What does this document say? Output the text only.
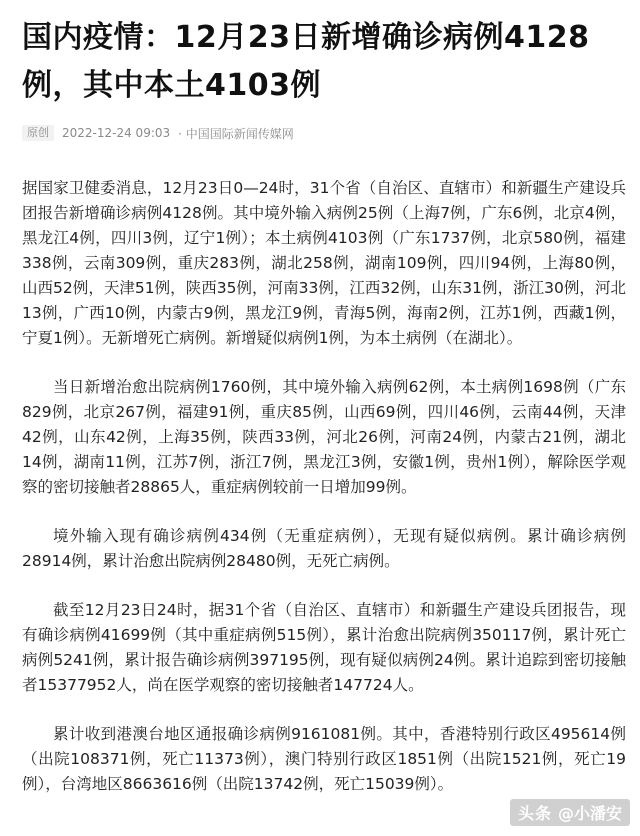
国内疫情：12月23日新增确诊病例4128例，其中本土4103例
原创	2022-12-24 09:03 · 中国国际新闻传媒网

据国家卫健委消息，12月23日0—24时，31个省（自治区、直辖市）和新疆生产建设兵团报告新增确诊病例4128例。其中境外输入病例25例（上海7例，广东6例，北京4例，黑龙江4例，四川3例，辽宁1例）；本土病例4103例（广东1737例，北京580例，福建338例，云南309例，重庆283例，湖北258例，湖南109例，四川94例，上海80例，山西52例，天津51例，陕西35例，河南33例，江西32例，山东31例，浙江30例，河北13例，广西10例，内蒙古9例，黑龙江9例，青海5例，海南2例，江苏1例，西藏1例，宁夏1例）。无新增死亡病例。新增疑似病例1例，为本土病例（在湖北）。

当日新增治愈出院病例1760例，其中境外输入病例62例，本土病例1698例（广东829例，北京267例，福建91例，重庆85例，山西69例，四川46例，云南44例，天津42例，山东42例，上海35例，陕西33例，河北26例，河南24例，内蒙古21例，湖北14例，湖南11例，江苏7例，浙江7例，黑龙江3例，安徽1例，贵州1例），解除医学观察的密切接触者28865人，重症病例较前一日增加99例。

境外输入现有确诊病例434例（无重症病例），无现有疑似病例。累计确诊病例28914例，累计治愈出院病例28480例，无死亡病例。

截至12月23日24时，据31个省（自治区、直辖市）和新疆生产建设兵团报告，现有确诊病例41699例（其中重症病例515例），累计治愈出院病例350117例，累计死亡病例5241例，累计报告确诊病例397195例，现有疑似病例24例。累计追踪到密切接触者15377952人，尚在医学观察的密切接触者147724人。

累计收到港澳台地区通报确诊病例9161081例。其中，香港特别行政区495614例（出院108371例，死亡11373例），澳门特别行政区1851例（出院1521例，死亡19例），台湾地区8663616例（出院13742例，死亡15039例）。

头条 @小潘安
